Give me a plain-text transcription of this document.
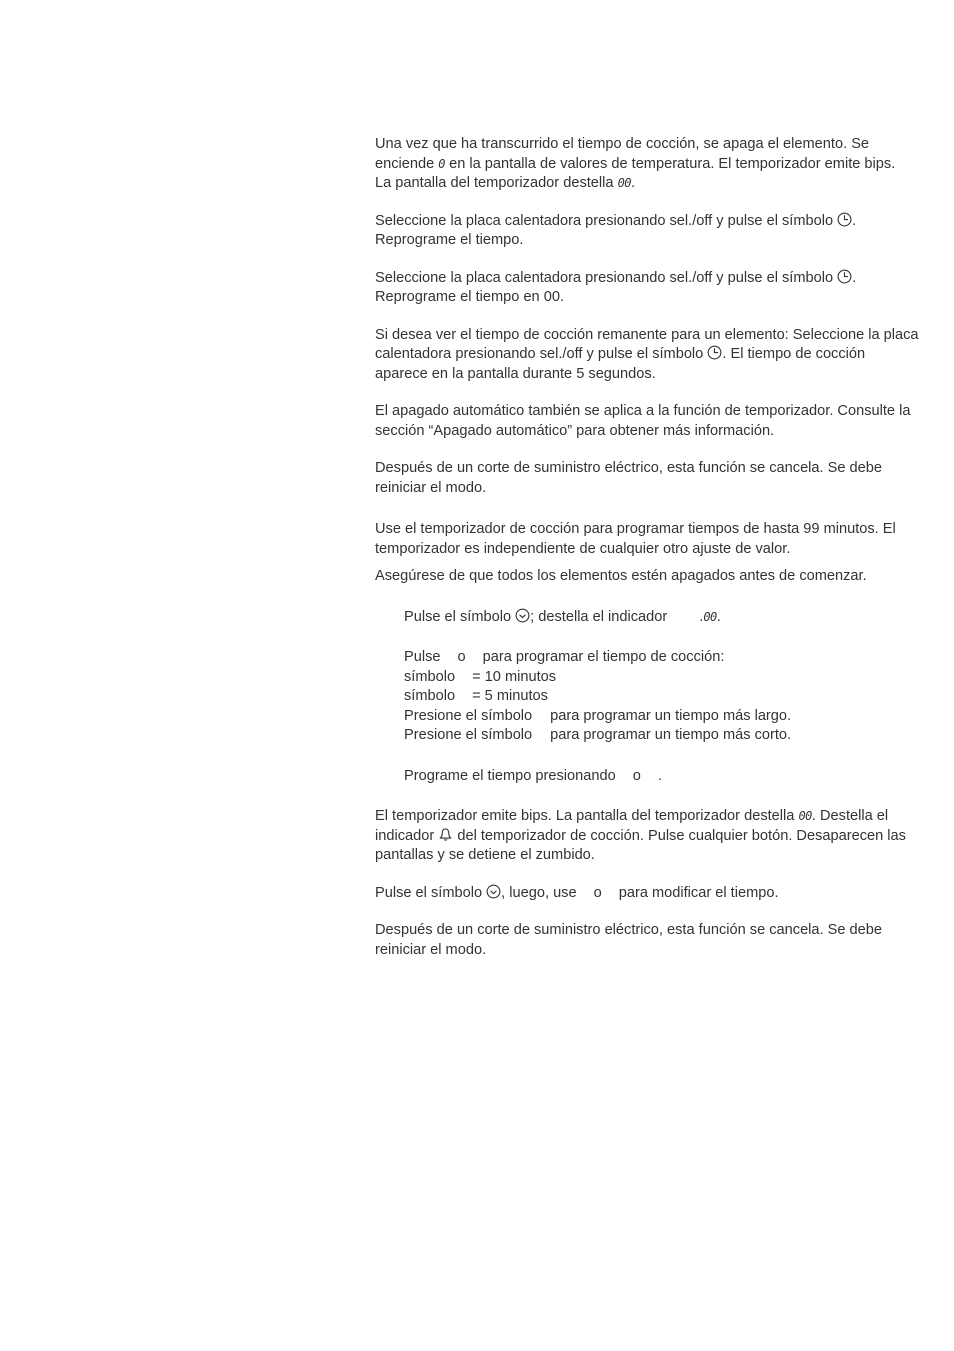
Una vez que ha transcurrido el tiempo de cocción, se apaga el elemento. Se
enciende 0 en la pantalla de valores de temperatura. El temporizador emite bips.
La pantalla del temporizador destella 00.
Seleccione la placa calentadora presionando sel./off y pulse el símbolo
.
Reprograme el tiempo.
Seleccione la placa calentadora presionando sel./off y pulse el símbolo
.
Reprograme el tiempo en 00.
Si desea ver el tiempo de cocción remanente para un elemento: Seleccione la placa
calentadora presionando sel./off y pulse el símbolo
. El tiempo de cocción
aparece en la pantalla durante 5 segundos.
El apagado automático también se aplica a la función de temporizador. Consulte la
sección “Apagado automático” para obtener más información.
Después de un corte de suministro eléctrico, esta función se cancela. Se debe
reiniciar el modo.
Use el temporizador de cocción para programar tiempos de hasta 99 minutos. El
temporizador es independiente de cualquier otro ajuste de valor.
Asegúrese de que todos los elementos estén apagados antes de comenzar.
Pulse el símbolo
; destella el indicador .00.
Pulse o para programar el tiempo de cocción:
símbolo = 10 minutos
símbolo = 5 minutos
Presione el símbolo para programar un tiempo más largo.
Presione el símbolo para programar un tiempo más corto.
Programe el tiempo presionando o .
El temporizador emite bips. La pantalla del temporizador destella 00. Destella el
indicador
del temporizador de cocción. Pulse cualquier botón. Desaparecen las
pantallas y se detiene el zumbido.
Pulse el símbolo
, luego, use o para modificar el tiempo.
Después de un corte de suministro eléctrico, esta función se cancela. Se debe
reiniciar el modo.
